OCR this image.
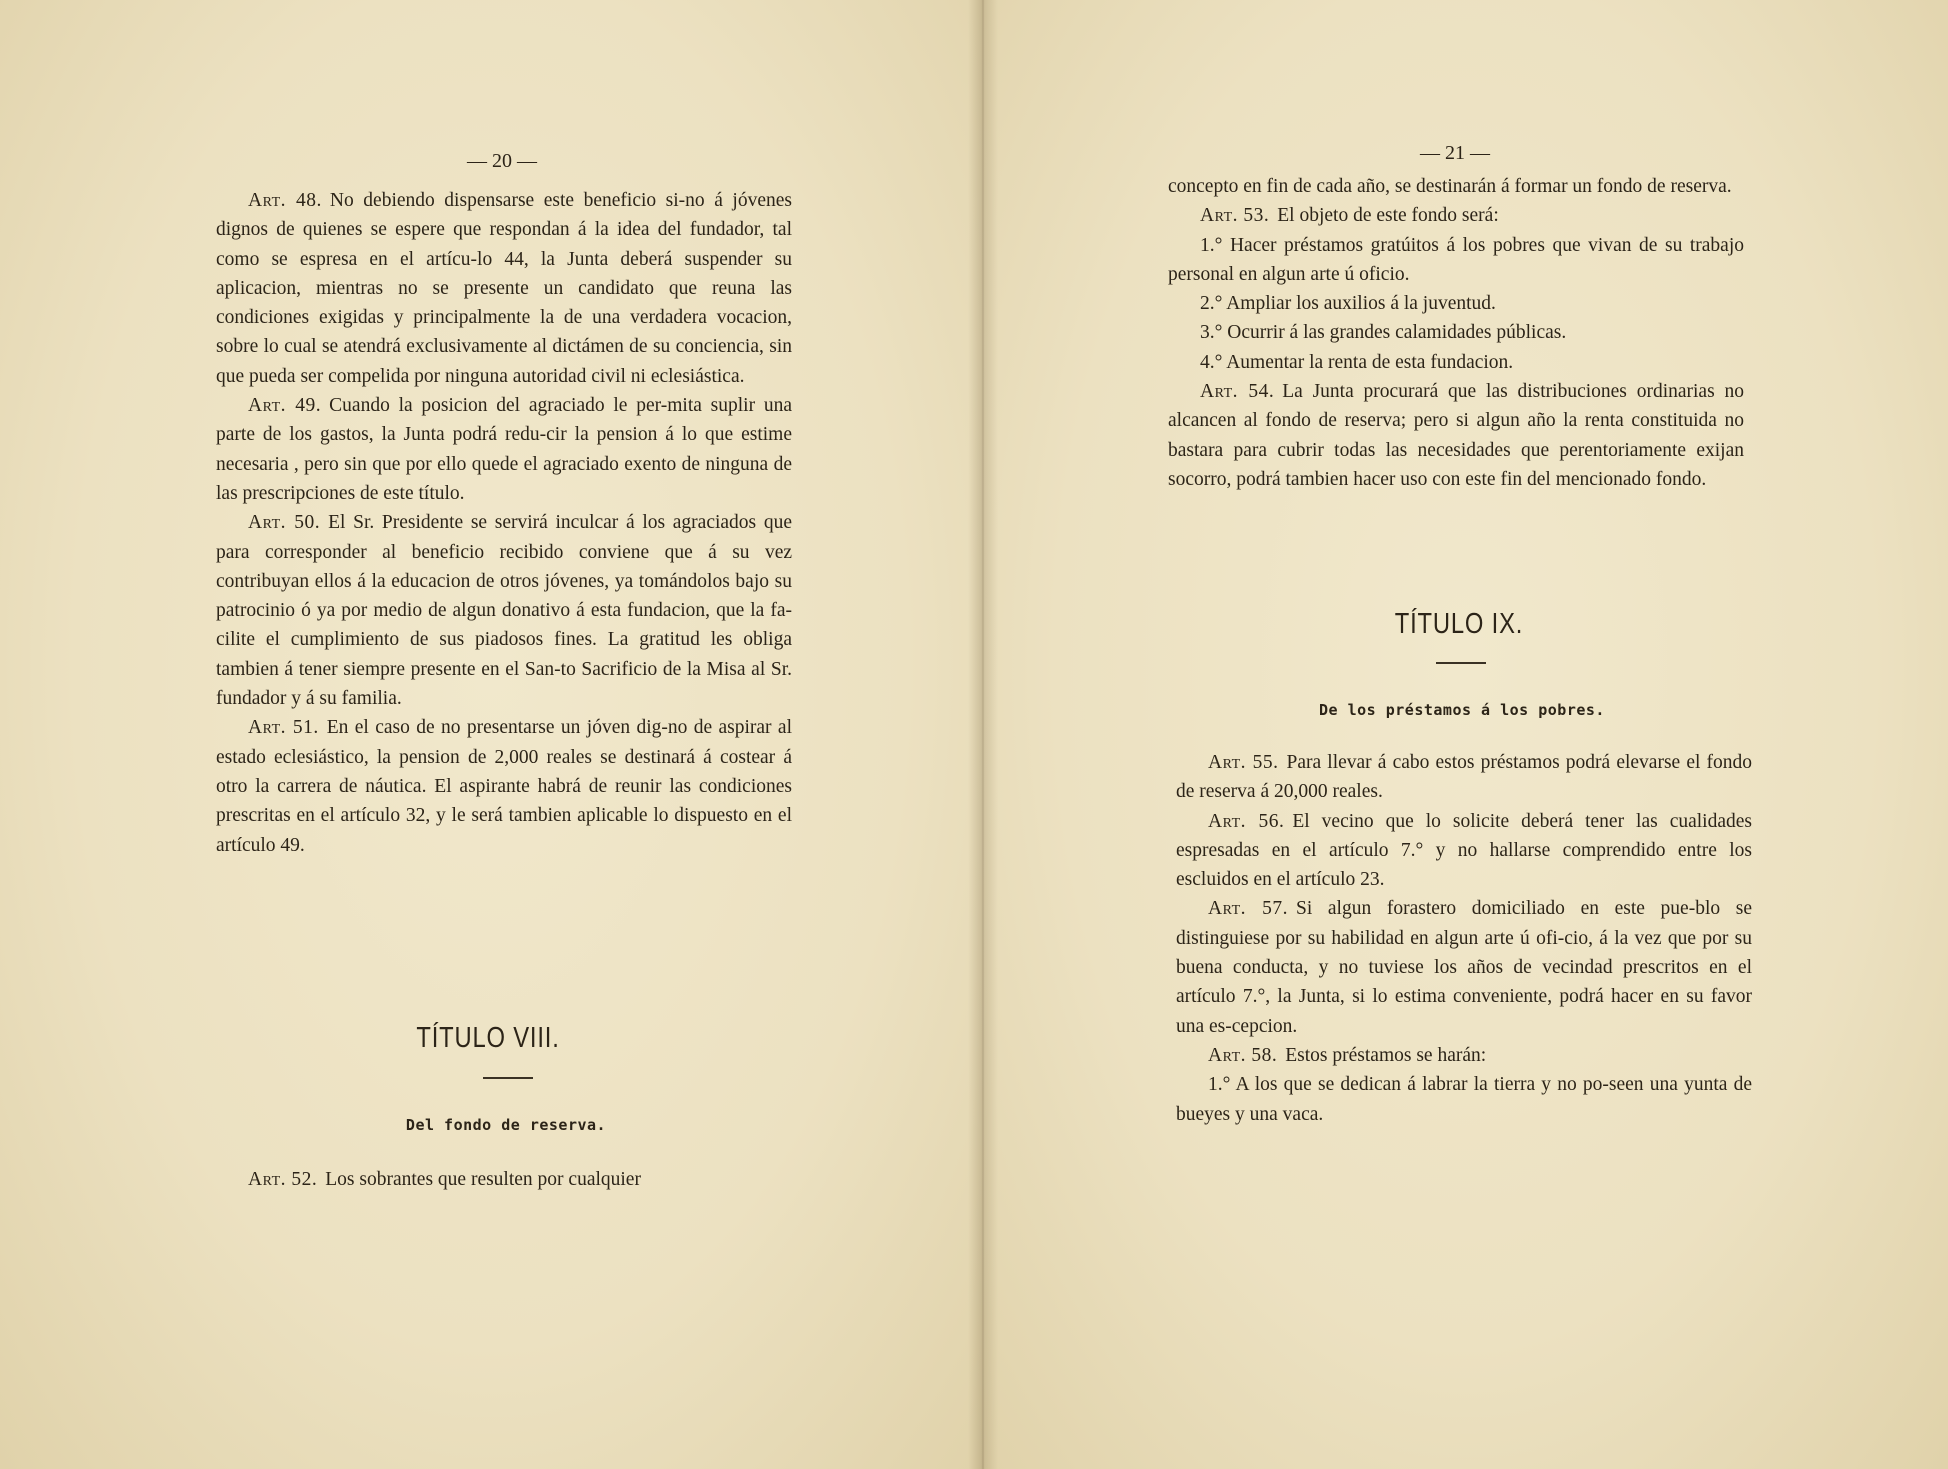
— 20 —

Art. 48. No debiendo dispensarse este beneficio si-no á jóvenes dignos de quienes se espere que respondan á la idea del fundador, tal como se espresa en el artícu-lo 44, la Junta deberá suspender su aplicacion, mientras no se presente un candidato que reuna las condiciones exigidas y principalmente la de una verdadera vocacion, sobre lo cual se atendrá exclusivamente al dictámen de su conciencia, sin que pueda ser compelida por ninguna autoridad civil ni eclesiástica.

Art. 49. Cuando la posicion del agraciado le per-mita suplir una parte de los gastos, la Junta podrá redu-cir la pension á lo que estime necesaria , pero sin que por ello quede el agraciado exento de ninguna de las prescripciones de este título.

Art. 50. El Sr. Presidente se servirá inculcar á los agraciados que para corresponder al beneficio recibido conviene que á su vez contribuyan ellos á la educacion de otros jóvenes, ya tomándolos bajo su patrocinio ó ya por medio de algun donativo á esta fundacion, que la fa-cilite el cumplimiento de sus piadosos fines. La gratitud les obliga tambien á tener siempre presente en el San-to Sacrificio de la Misa al Sr. fundador y á su familia.

Art. 51. En el caso de no presentarse un jóven dig-no de aspirar al estado eclesiástico, la pension de 2,000 reales se destinará á costear á otro la carrera de náutica. El aspirante habrá de reunir las condiciones prescritas en el artículo 32, y le será tambien aplicable lo dispuesto en el artículo 49.

TÍTULO VIII.
Del fondo de reserva.

Art. 52. Los sobrantes que resulten por cualquier

— 21 —

concepto en fin de cada año, se destinarán á formar un fondo de reserva.

Art. 53. El objeto de este fondo será:

1.° Hacer préstamos gratúitos á los pobres que vivan de su trabajo personal en algun arte ú oficio.

2.° Ampliar los auxilios á la juventud.

3.° Ocurrir á las grandes calamidades públicas.

4.° Aumentar la renta de esta fundacion.

Art. 54. La Junta procurará que las distribuciones ordinarias no alcancen al fondo de reserva; pero si algun año la renta constituida no bastara para cubrir todas las necesidades que perentoriamente exijan socorro, podrá tambien hacer uso con este fin del mencionado fondo.

TÍTULO IX.
De los préstamos á los pobres.

Art. 55. Para llevar á cabo estos préstamos podrá elevarse el fondo de reserva á 20,000 reales.

Art. 56. El vecino que lo solicite deberá tener las cualidades espresadas en el artículo 7.° y no hallarse comprendido entre los escluidos en el artículo 23.

Art. 57. Si algun forastero domiciliado en este pue-blo se distinguiese por su habilidad en algun arte ú ofi-cio, á la vez que por su buena conducta, y no tuviese los años de vecindad prescritos en el artículo 7.°, la Junta, si lo estima conveniente, podrá hacer en su favor una es-cepcion.

Art. 58. Estos préstamos se harán:

1.° A los que se dedican á labrar la tierra y no po-seen una yunta de bueyes y una vaca.
